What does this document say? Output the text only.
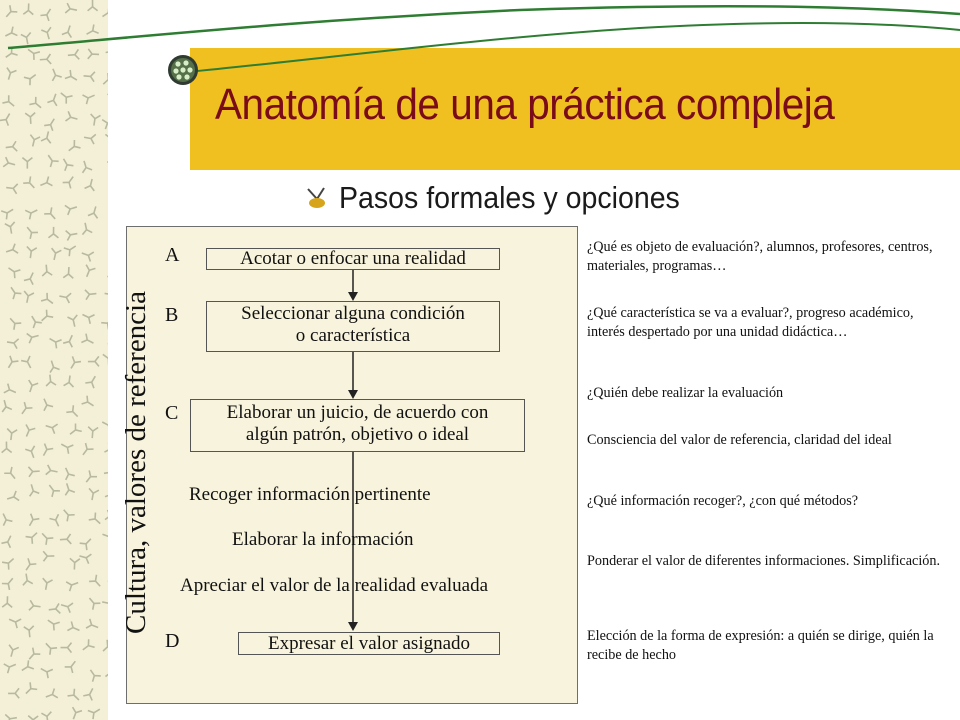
Anatomía de una práctica compleja
Pasos formales y opciones
Cultura, valores de referencia
A
B
C
D
Acotar o enfocar una realidad
Seleccionar alguna condición
o característica
Elaborar un juicio, de acuerdo con
algún patrón, objetivo o ideal
Recoger información pertinente
Elaborar la información
Apreciar el valor de la realidad evaluada
Expresar el valor asignado
¿Qué es objeto de evaluación?, alumnos, profesores, centros, materiales, programas…
¿Qué característica se va a evaluar?, progreso académico, interés despertado por una unidad didáctica…
¿Quién debe realizar la evaluación
Consciencia del valor de referencia, claridad del ideal
¿Qué información recoger?, ¿con qué métodos?
Ponderar el valor de diferentes informaciones. Simplificación.
Elección de la forma de expresión: a quién se dirige, quién la recibe de hecho
